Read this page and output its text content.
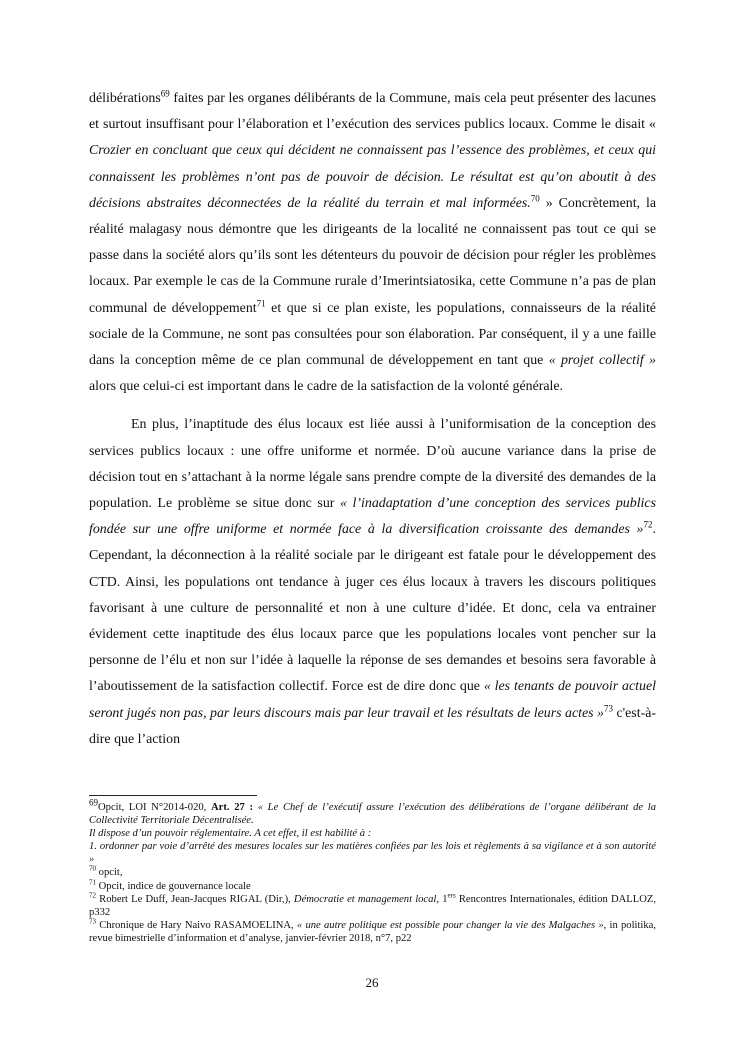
délibérations$^{69}$ faites par les organes délibérants de la Commune, mais cela peut présenter des lacunes et surtout insuffisant pour l’élaboration et l’exécution des services publics locaux. Comme le disait « Crozier en concluant que ceux qui décident ne connaissent pas l’essence des problèmes, et ceux qui connaissent les problèmes n’ont pas de pouvoir de décision. Le résultat est qu’on aboutit à des décisions abstraites déconnectées de la réalité du terrain et mal informées.$^{70}$ » Concrètement, la réalité malagasy nous démontre que les dirigeants de la localité ne connaissent pas tout ce qui se passe dans la société alors qu’ils sont les détenteurs du pouvoir de décision pour régler les problèmes locaux. Par exemple le cas de la Commune rurale d’Imerintsiatosika, cette Commune n’a pas de plan communal de développement$^{71}$ et que si ce plan existe, les populations, connaisseurs de la réalité sociale de la Commune, ne sont pas consultées pour son élaboration. Par conséquent, il y a une faille dans la conception même de ce plan communal de développement en tant que « projet collectif » alors que celui-ci est important dans le cadre de la satisfaction de la volonté générale.

En plus, l’inaptitude des élus locaux est liée aussi à l’uniformisation de la conception des services publics locaux : une offre uniforme et normée. D’où aucune variance dans la prise de décision tout en s’attachant à la norme légale sans prendre compte de la diversité des demandes de la population. Le problème se situe donc sur « l’inadaptation d’une conception des services publics fondée sur une offre uniforme et normée face à la diversification croissante des demandes »$^{72}$. Cependant, la déconnection à la réalité sociale par le dirigeant est fatale pour le développement des CTD. Ainsi, les populations ont tendance à juger ces élus locaux à travers les discours politiques favorisant à une culture de personnalité et non à une culture d’idée. Et donc, cela va entrainer évidement cette inaptitude des élus locaux parce que les populations locales vont pencher sur la personne de l’élu et non sur l’idée à laquelle la réponse de ses demandes et besoins sera favorable à l’aboutissement de la satisfaction collectif. Force est de dire donc que « les tenants de pouvoir actuel seront jugés non pas, par leurs discours mais par leur travail et les résultats de leurs actes »$^{73}$ c'est-à-dire que l’action

$^{69}$Opcit, LOI N°2014-020, Art. 27 : « Le Chef de l’exécutif assure l’exécution des délibérations de l’organe délibérant de la Collectivité Territoriale Décentralisée.

Il dispose d’un pouvoir réglementaire. A cet effet, il est habilité à :

1. ordonner par voie d’arrêté des mesures locales sur les matières confiées par les lois et règlements à sa vigilance et à son autorité »

$^{70}$ opcit,

$^{71}$ Opcit, indice de gouvernance locale

$^{72}$ Robert Le Duff, Jean-Jacques RIGAL (Dir,), Démocratie et management local, 1ers Rencontres Internationales, édition DALLOZ, p332

$^{73}$ Chronique de Hary Naivo RASAMOELINA, « une autre politique est possible pour changer la vie des Malgaches », in politika, revue bimestrielle d’information et d’analyse, janvier-février 2018, n°7, p22

26
